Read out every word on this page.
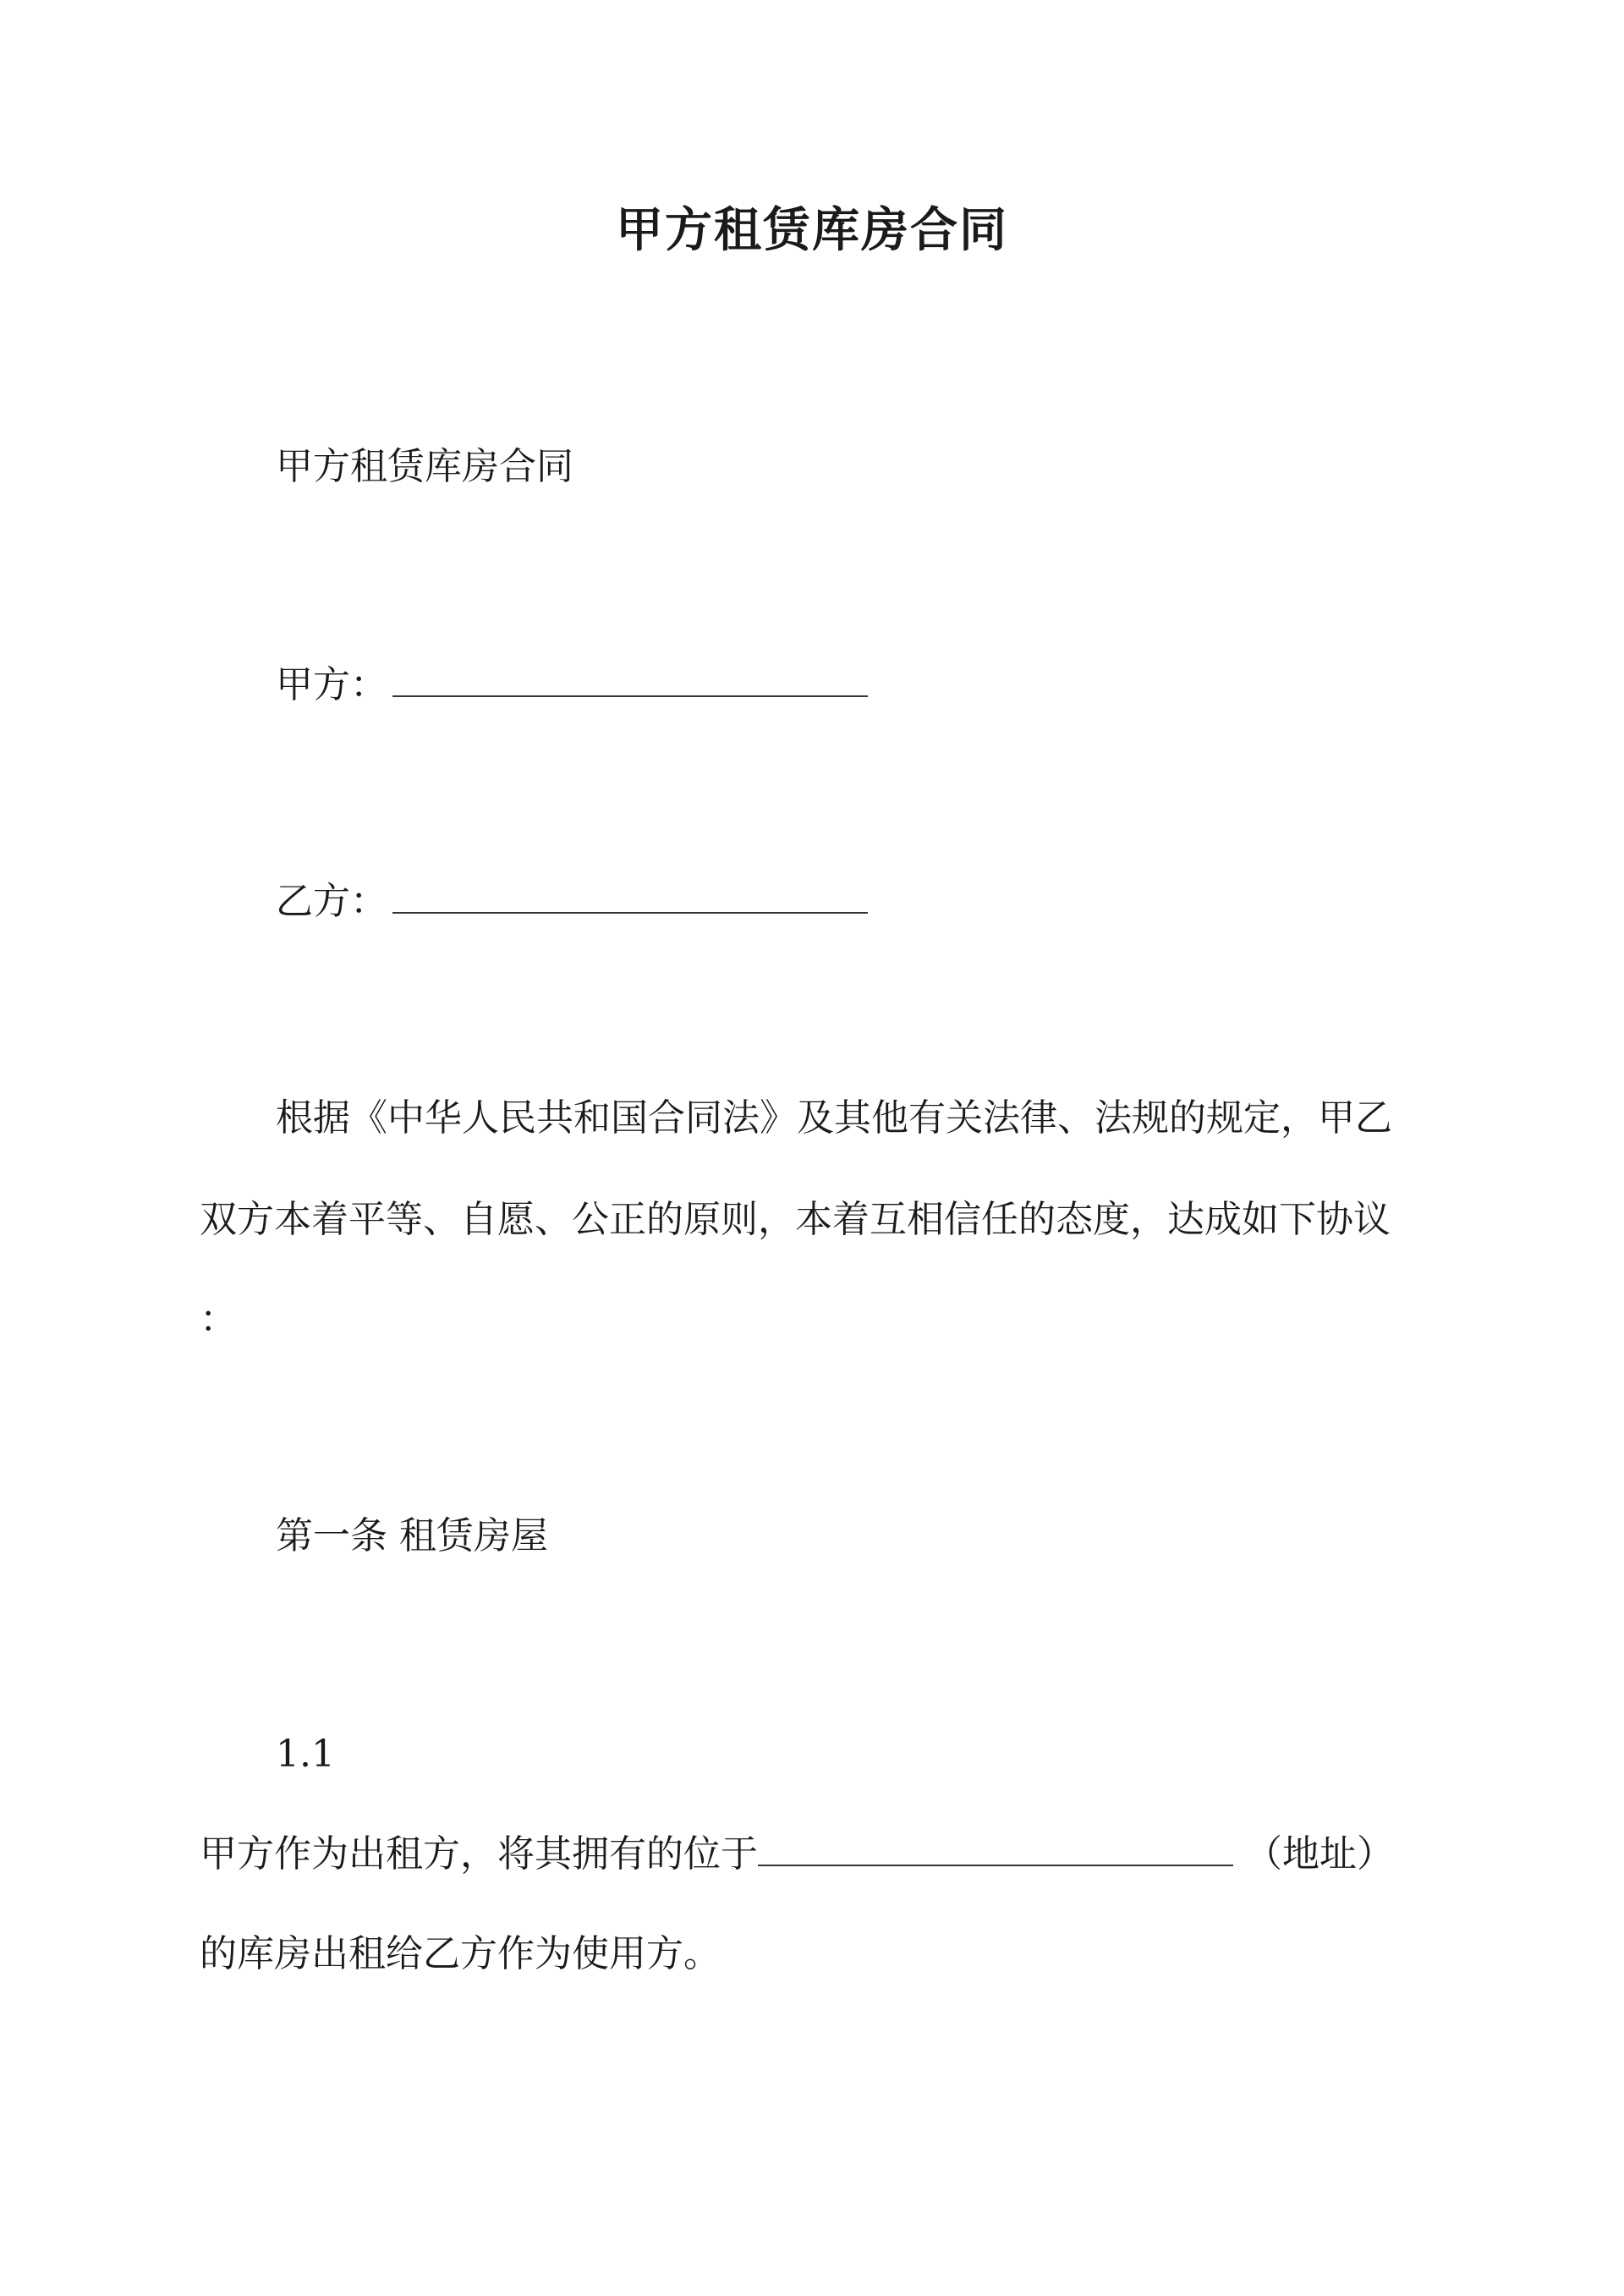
甲方租赁库房合同
甲方租赁库房合同
甲方：
乙方：
根据《中华人民共和国合同法》及其他有关法律、法规的规定，甲乙
双方本着平等、自愿、公正的原则，本着互相信任的态度，达成如下协议
：
第一条 租赁房屋
1.1
甲方作为出租方，将其拥有的位于	（地址）
的库房出租给乙方作为使用方。
